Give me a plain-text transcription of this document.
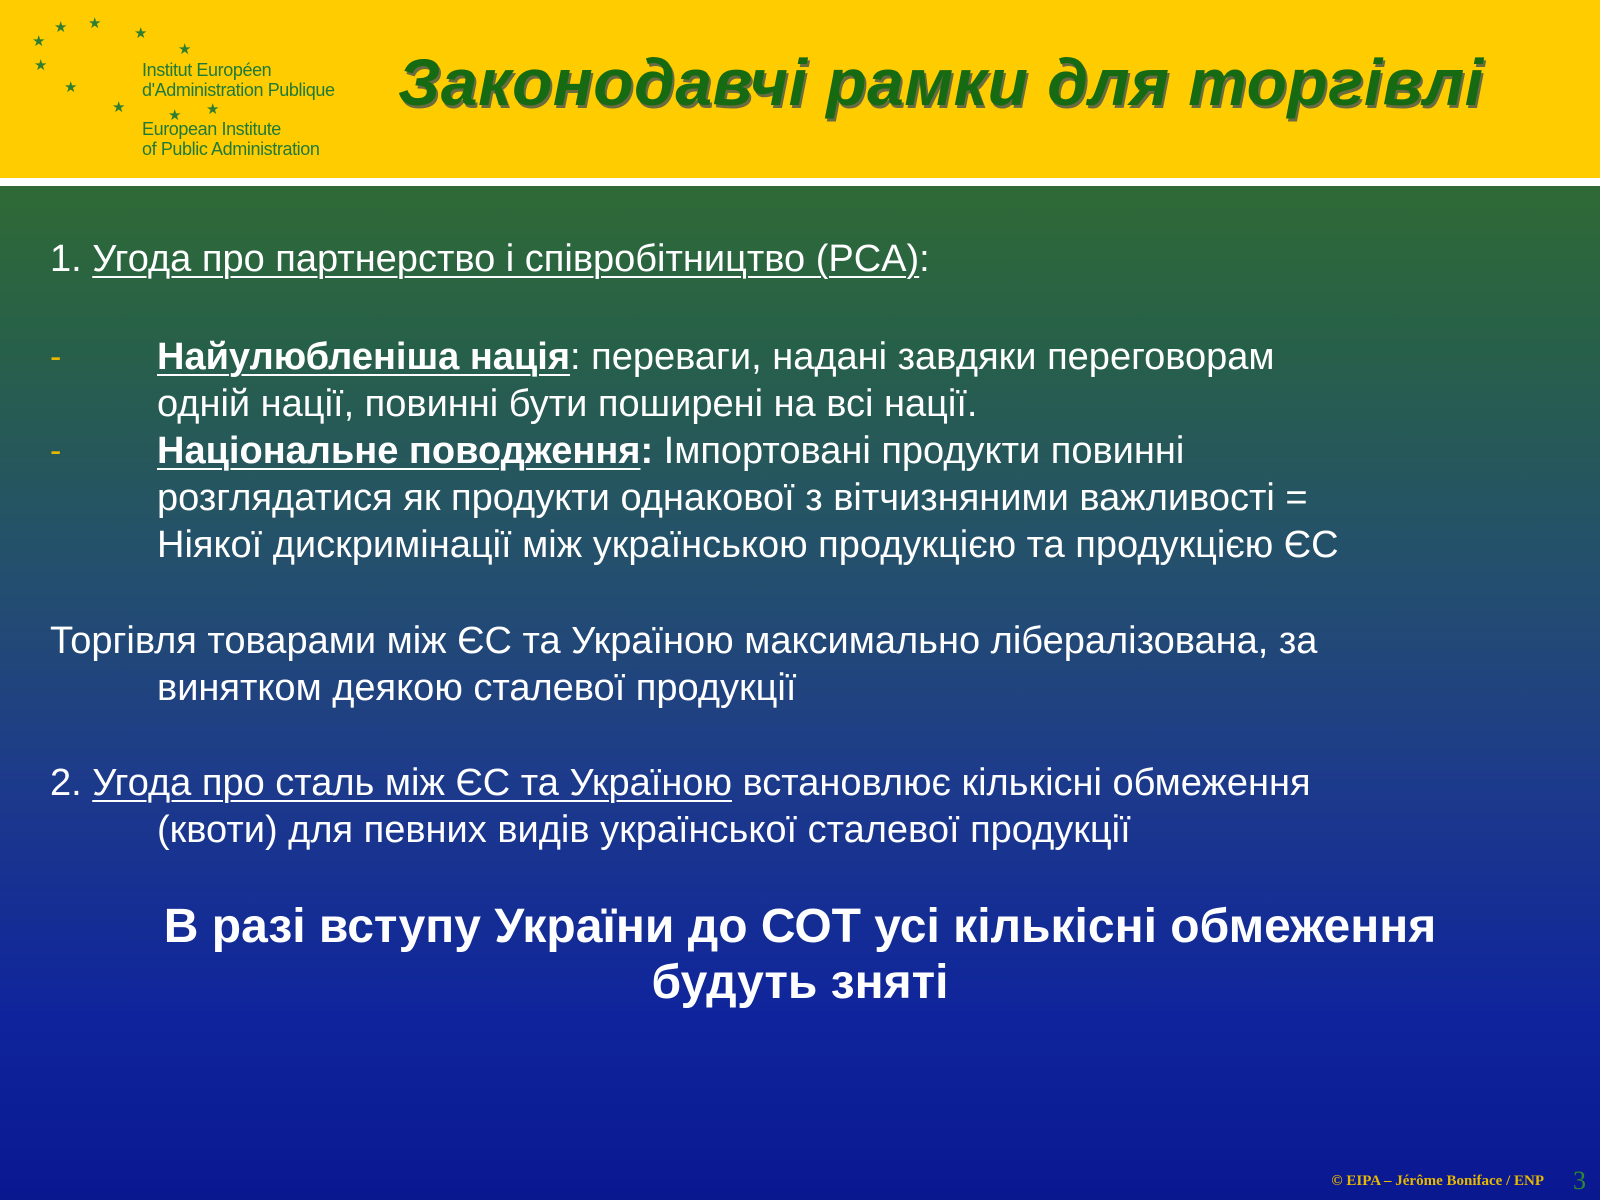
★
★ ★
★
★
★
★
★	★ ★
Institut Européen
d'Administration Publique
European Institute
of Public Administration
Законодавчі рамки для торгівлі

1. Угода про партнерство і співробітництво (PCA):

-	Найулюбленіша нація: переваги, надані завдяки переговорам

одній нації, повинні бути поширені на всі нації.

-	Національне поводження: Імпортовані продукти повинні

розглядатися як продукти однакової з вітчизняними важливості =

Ніякої дискримінації між українською продукцією та продукцією ЄС

Торгівля товарами між ЄС та Україною максимально лібералізована, за

винятком деякою сталевої продукції

2. Угода про сталь між ЄС та Україною встановлює кількісні обмеження

(квоти) для певних видів української сталевої продукції

В разі вступу України до СОТ усі кількісні обмеження

будуть зняті

© EIPA – Jérôme Boniface / ENP 3
